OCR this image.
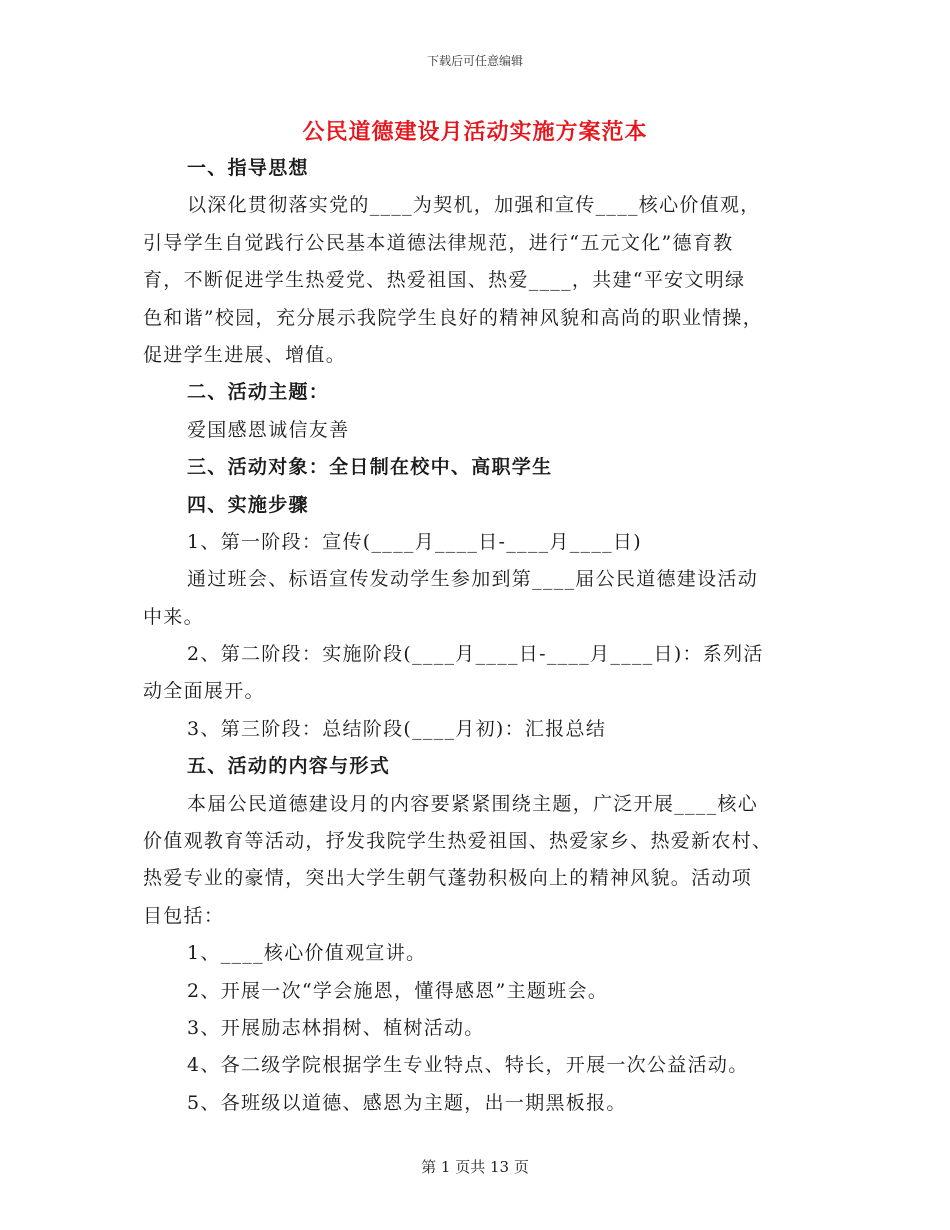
下载后可任意编辑
公民道德建设月活动实施方案范本
一、指导思想
以深化贯彻落实党的____为契机，加强和宣传____核心价值观，
引导学生自觉践行公民基本道德法律规范，进行“五元文化”德育教
育，不断促进学生热爱党、热爱祖国、热爱____，共建“平安文明绿
色和谐”校园，充分展示我院学生良好的精神风貌和高尚的职业情操，
促进学生进展、增值。
二、活动主题：
爱国感恩诚信友善
三、活动对象：全日制在校中、高职学生
四、实施步骤
1、第一阶段：宣传(____月____日-____月____日)
通过班会、标语宣传发动学生参加到第____届公民道德建设活动
中来。
2、第二阶段：实施阶段(____月____日-____月____日)：系列活
动全面展开。
3、第三阶段：总结阶段(____月初)：汇报总结
五、活动的内容与形式
本届公民道德建设月的内容要紧紧围绕主题，广泛开展____核心
价值观教育等活动，抒发我院学生热爱祖国、热爱家乡、热爱新农村、
热爱专业的豪情，突出大学生朝气蓬勃积极向上的精神风貌。活动项
目包括：
1、____核心价值观宣讲。
2、开展一次“学会施恩，懂得感恩”主题班会。
3、开展励志林捐树、植树活动。
4、各二级学院根据学生专业特点、特长，开展一次公益活动。
5、各班级以道德、感恩为主题，出一期黑板报。
第 1 页共 13 页
